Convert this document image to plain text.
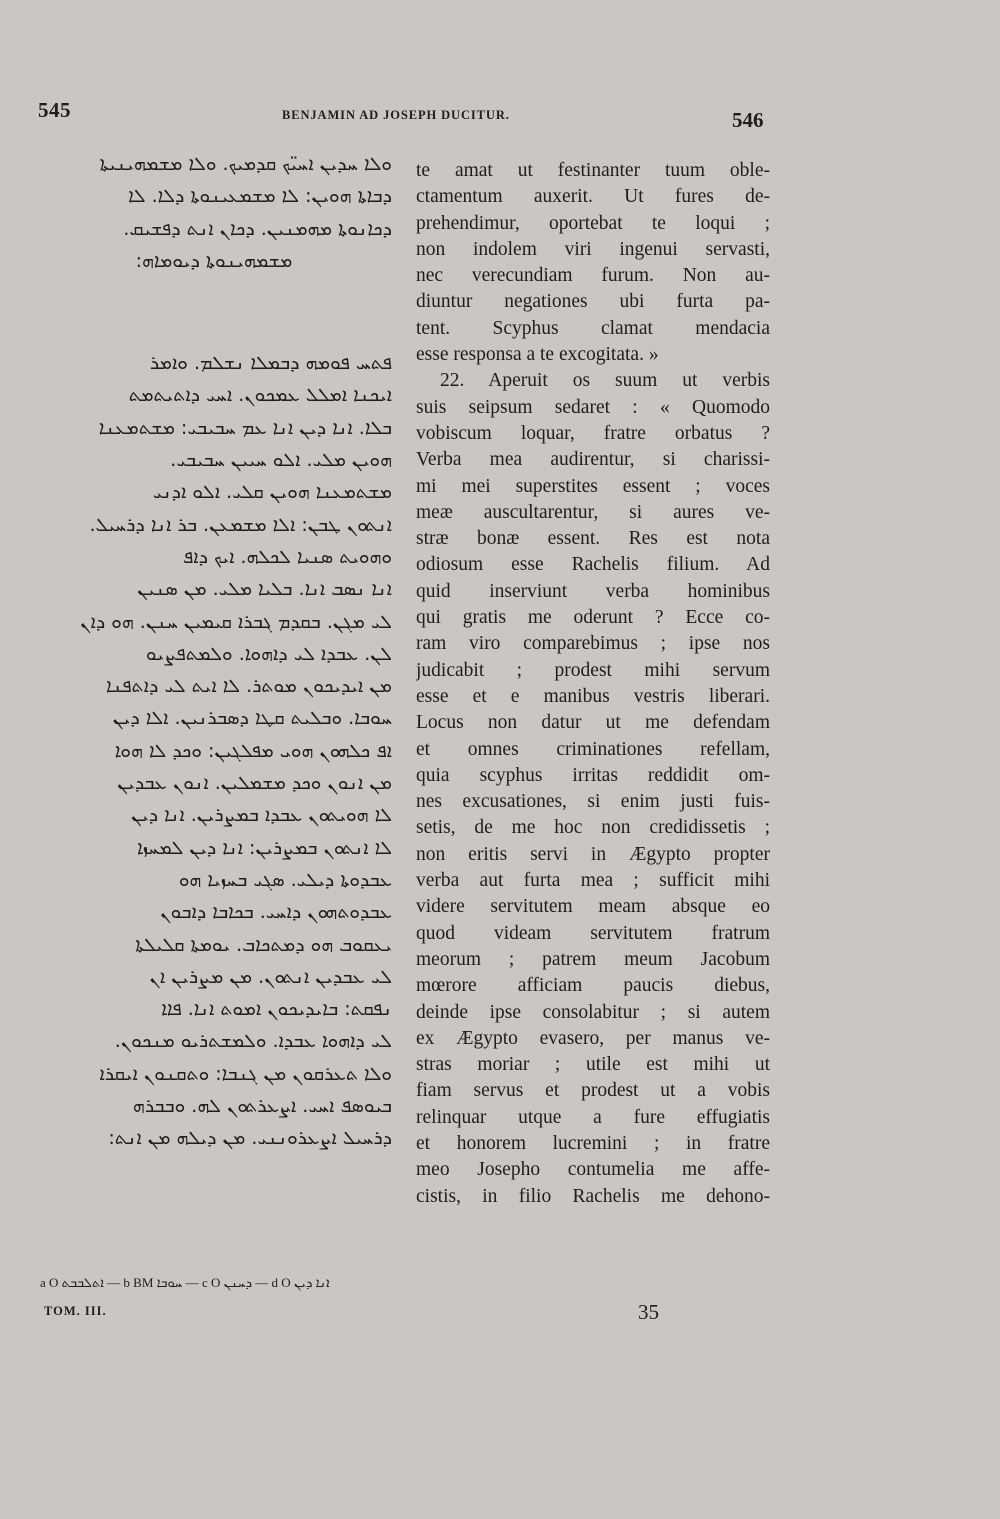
545	BENJAMIN AD JOSEPH DUCITUR.	546
ܘܠܐ ܚܕܝܢ ܐܚܝ̈ܟ ܩܕܡܝܟ. ܘܠܐ ܡܫܡܗܝܢܝܬܐ
ܕܒܐܬܐ ܗܘܝܢ: ܠܐ ܡܫܡܥܝܢܘܬܐ ܕܠܐ. ܠܐ
ܕܟܐܢܘܬܐ ܡܗܡܢܝܢ. ܕܟܐܢ ܐܢܬ ܕܦܫܝܩ.
ܡܫܡܗܝܢܘܬܐ ܕܝܘܡܐܗ:
ܦܬܚ ܦܘܡܗ ܕܒܡܠܐ ܢܫܠܡ. ܘܐܡܪ
ܐܝܟܢܐ ܐܡܠܠ ܥܡܟܘܢ. ܐܚܝ ܕܐܬܝܬܡܬ
ܒܠܐ. ܐܢܐ ܕܝܢ ܐܢܐ ܥܡ ܚܒܝܒܝ: ܡܫܬܡܥܢܐ
ܗܘܝܢ ܡܠܝ. ܐܠܘ ܚܝܝܢ ܚܒܝܒܝ.
ܡܫܬܡܥܢܐ ܗܘܝܢ ܩܠܝ. ܐܠܘ ܐܕܢܝ
ܐܢܬܘܢ ܛܒܢ: ܐܠܐ ܡܫܡܥܢ. ܒܪ ܐܢܐ ܕܪܚܝܠ.
ܘܗܘܝܬ ܣܢܝܐ ܠܟܠܗ. ܐܝܟ ܕܐܦ
ܐܢܐ ܢܣܒ ܐܢܐ. ܒܠܝܐ ܡܠܝ. ܡܢ ܣܢܝܢ
ܠܝ ܡܓܢ. ܒܩܕܡ ܓܒܪܐ ܩܝܡܝܢ ܚܢܢ. ܗܘ ܕܐܢ
ܠܢ. ܥܒܕܐ ܠܝ ܕܐܗܘܐ. ܘܠܡܬܦܨܝܘ
ܡܢ ܐܝܕܝܟܘܢ ܡܘܬܪ. ܠܐ ܐܝܬ ܠܝ ܕܐܬܦܢܐ
ܚܘܒܐ. ܘܒܠܝܬ ܩܛܐ ܕܣܒܪܢܝܢ. ܐܠܐ ܕܝܢ
ܐܦ ܟܠܗܘܢ ܗܘܝ ܡܦܠܓܝܢ: ܘܟܕ ܠܐ ܗܘܐ
ܡܢ ܐܢܘܢ ܘܟܕ ܡܫܡܠܝܢ. ܐܢܘܢ ܥܒܕܝܢ
ܠܐ ܗܘܝܬܘܢ ܥܒܕܐ ܒܡܨܪܝܢ. ܐܢܐ ܕܝܢ
ܠܐ ܐܢܬܘܢ ܒܡܨܪܝܢ: ܐܢܐ ܕܝܢ ܠܡܚܙܐ
ܥܒܕܘܬܐ ܕܝܠܝ. ܣܓܝ ܒܚܙܝܐ ܗܘ
ܥܒܕܘܬܗܘܢ ܕܐܚܝ. ܒܟܐܒܐ ܕܐܒܘܢ
ܝܥܩܘܒ ܗܘ ܕܡܬܟܐܒ. ܝܘܡܬܐ ܩܠܝܠܬܐ
ܠܝ ܥܒܕܝܢ ܐܢܬܘܢ. ܡܢ ܡܨܪܝܢ ܐܢ
ܢܦܩܬ: ܒܐܝܕܝܟܘܢ ܐܡܘܬ ܐܢܐ. ܦܐܐ
ܠܝ ܕܐܗܘܐ ܥܒܕܐ. ܘܠܡܫܬܪܝܘ ܡܢܟܘܢ.
ܘܠܐ ܬܥܪܩܘܢ ܡܢ ܓܢܒܐ: ܘܬܩܢܘܢ ܐܝܩܪܐ
ܒܝܘܣܦ ܐܚܝ. ܐܨܥܪܬܘܢ ܠܗ. ܘܒܒܪܗ
ܕܪܚܝܠ ܐܨܥܪܘܢܢܝ. ܡܢ ܕܝܠܗ ܡܢ ܐܢܬ:
te amat ut festinanter tuum oble-
ctamentum auxerit. Ut fures de-
prehendimur, oportebat te loqui ;
non indolem viri ingenui servasti,
nec verecundiam furum. Non au-
diuntur negationes ubi furta pa-
tent. Scyphus clamat mendacia
esse responsa a te excogitata. »
22. Aperuit os suum ut verbis
suis seipsum sedaret : « Quomodo
vobiscum loquar, fratre orbatus ?
Verba mea audirentur, si charissi-
mi mei superstites essent ; voces
meæ auscultarentur, si aures ve-
stræ bonæ essent. Res est nota
odiosum esse Rachelis filium. Ad
quid inserviunt verba hominibus
qui gratis me oderunt ? Ecce co-
ram viro comparebimus ; ipse nos
judicabit ; prodest mihi servum
esse et e manibus vestris liberari.
Locus non datur ut me defendam
et omnes criminationes refellam,
quia scyphus irritas reddidit om-
nes excusationes, si enim justi fuis-
setis, de me hoc non credidissetis ;
non eritis servi in Ægypto propter
verba aut furta mea ; sufficit mihi
videre servitutem meam absque eo
quod videam servitutem fratrum
meorum ; patrem meum Jacobum
mœrore afficiam paucis diebus,
deinde ipse consolabitur ; si autem
ex Ægypto evasero, per manus ve-
stras moriar ; utile est mihi ut
fiam servus et prodest ut a vobis
relinquar utque a fure effugiatis
et honorem lucremini ; in fratre
meo Josepho contumelia me affe-
cistis, in filio Rachelis me dehono-
a O ܐܬܠܒܒܬ — b BM ܚܘܒܐ — c O ܕܚܢܢ — d O ܐܢܐ ܕܝܢ
TOM. III.	35
